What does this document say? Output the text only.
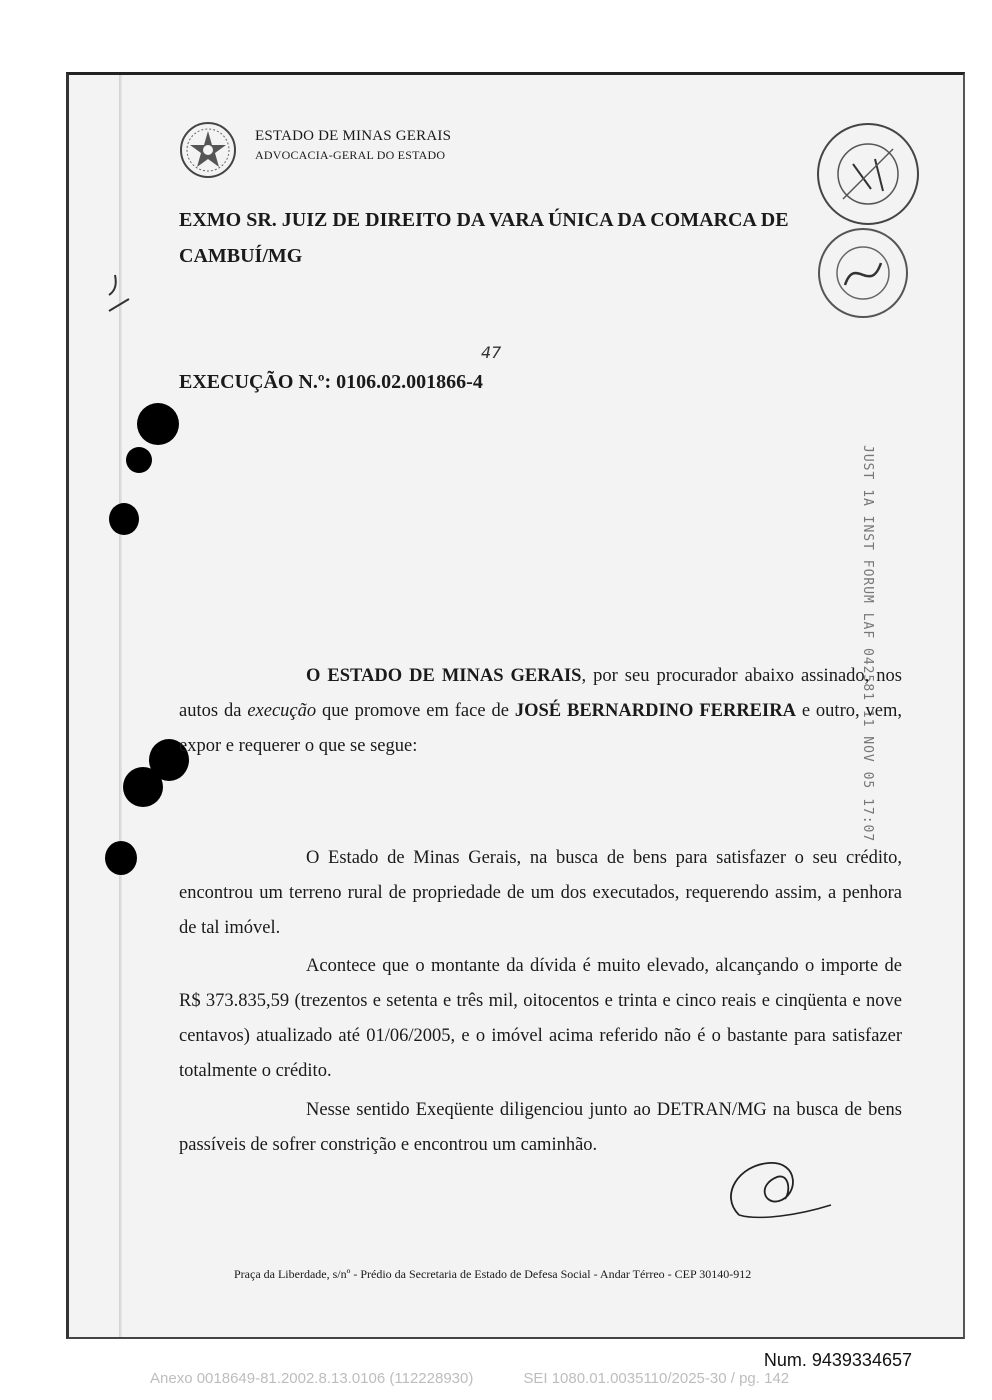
ESTADO DE MINAS GERAIS
ADVOCACIA-GERAL DO ESTADO
EXMO SR. JUIZ DE DIREITO DA VARA ÚNICA DA COMARCA DE
CAMBUÍ/MG
47
EXECUÇÃO N.º: 0106.02.001866-4
JUST 1A INST FORUM LAF 042581 11 NOV 05 17:07
O ESTADO DE MINAS GERAIS, por seu procurador abaixo assinado, nos autos da execução que promove em face de JOSÉ BERNARDINO FERREIRA e outro, vem, expor e requerer o que se segue:
O Estado de Minas Gerais, na busca de bens para satisfazer o seu crédito, encontrou um terreno rural de propriedade de um dos executados, requerendo assim, a penhora de tal imóvel.
Acontece que o montante da dívida é muito elevado, alcançando o importe de R$ 373.835,59 (trezentos e setenta e três mil, oitocentos e trinta e cinco reais e cinqüenta e nove centavos) atualizado até 01/06/2005, e o imóvel acima referido não é o bastante para satisfazer totalmente o crédito.
Nesse sentido Exeqüente diligenciou junto ao DETRAN/MG na busca de bens passíveis de sofrer constrição e encontrou um caminhão.
Praça da Liberdade, s/nº - Prédio da Secretaria de Estado de Defesa Social - Andar Térreo - CEP 30140-912
Num. 9439334657
Anexo 0018649-81.2002.8.13.0106 (112228930)	SEI 1080.01.0035110/2025-30 / pg. 142
